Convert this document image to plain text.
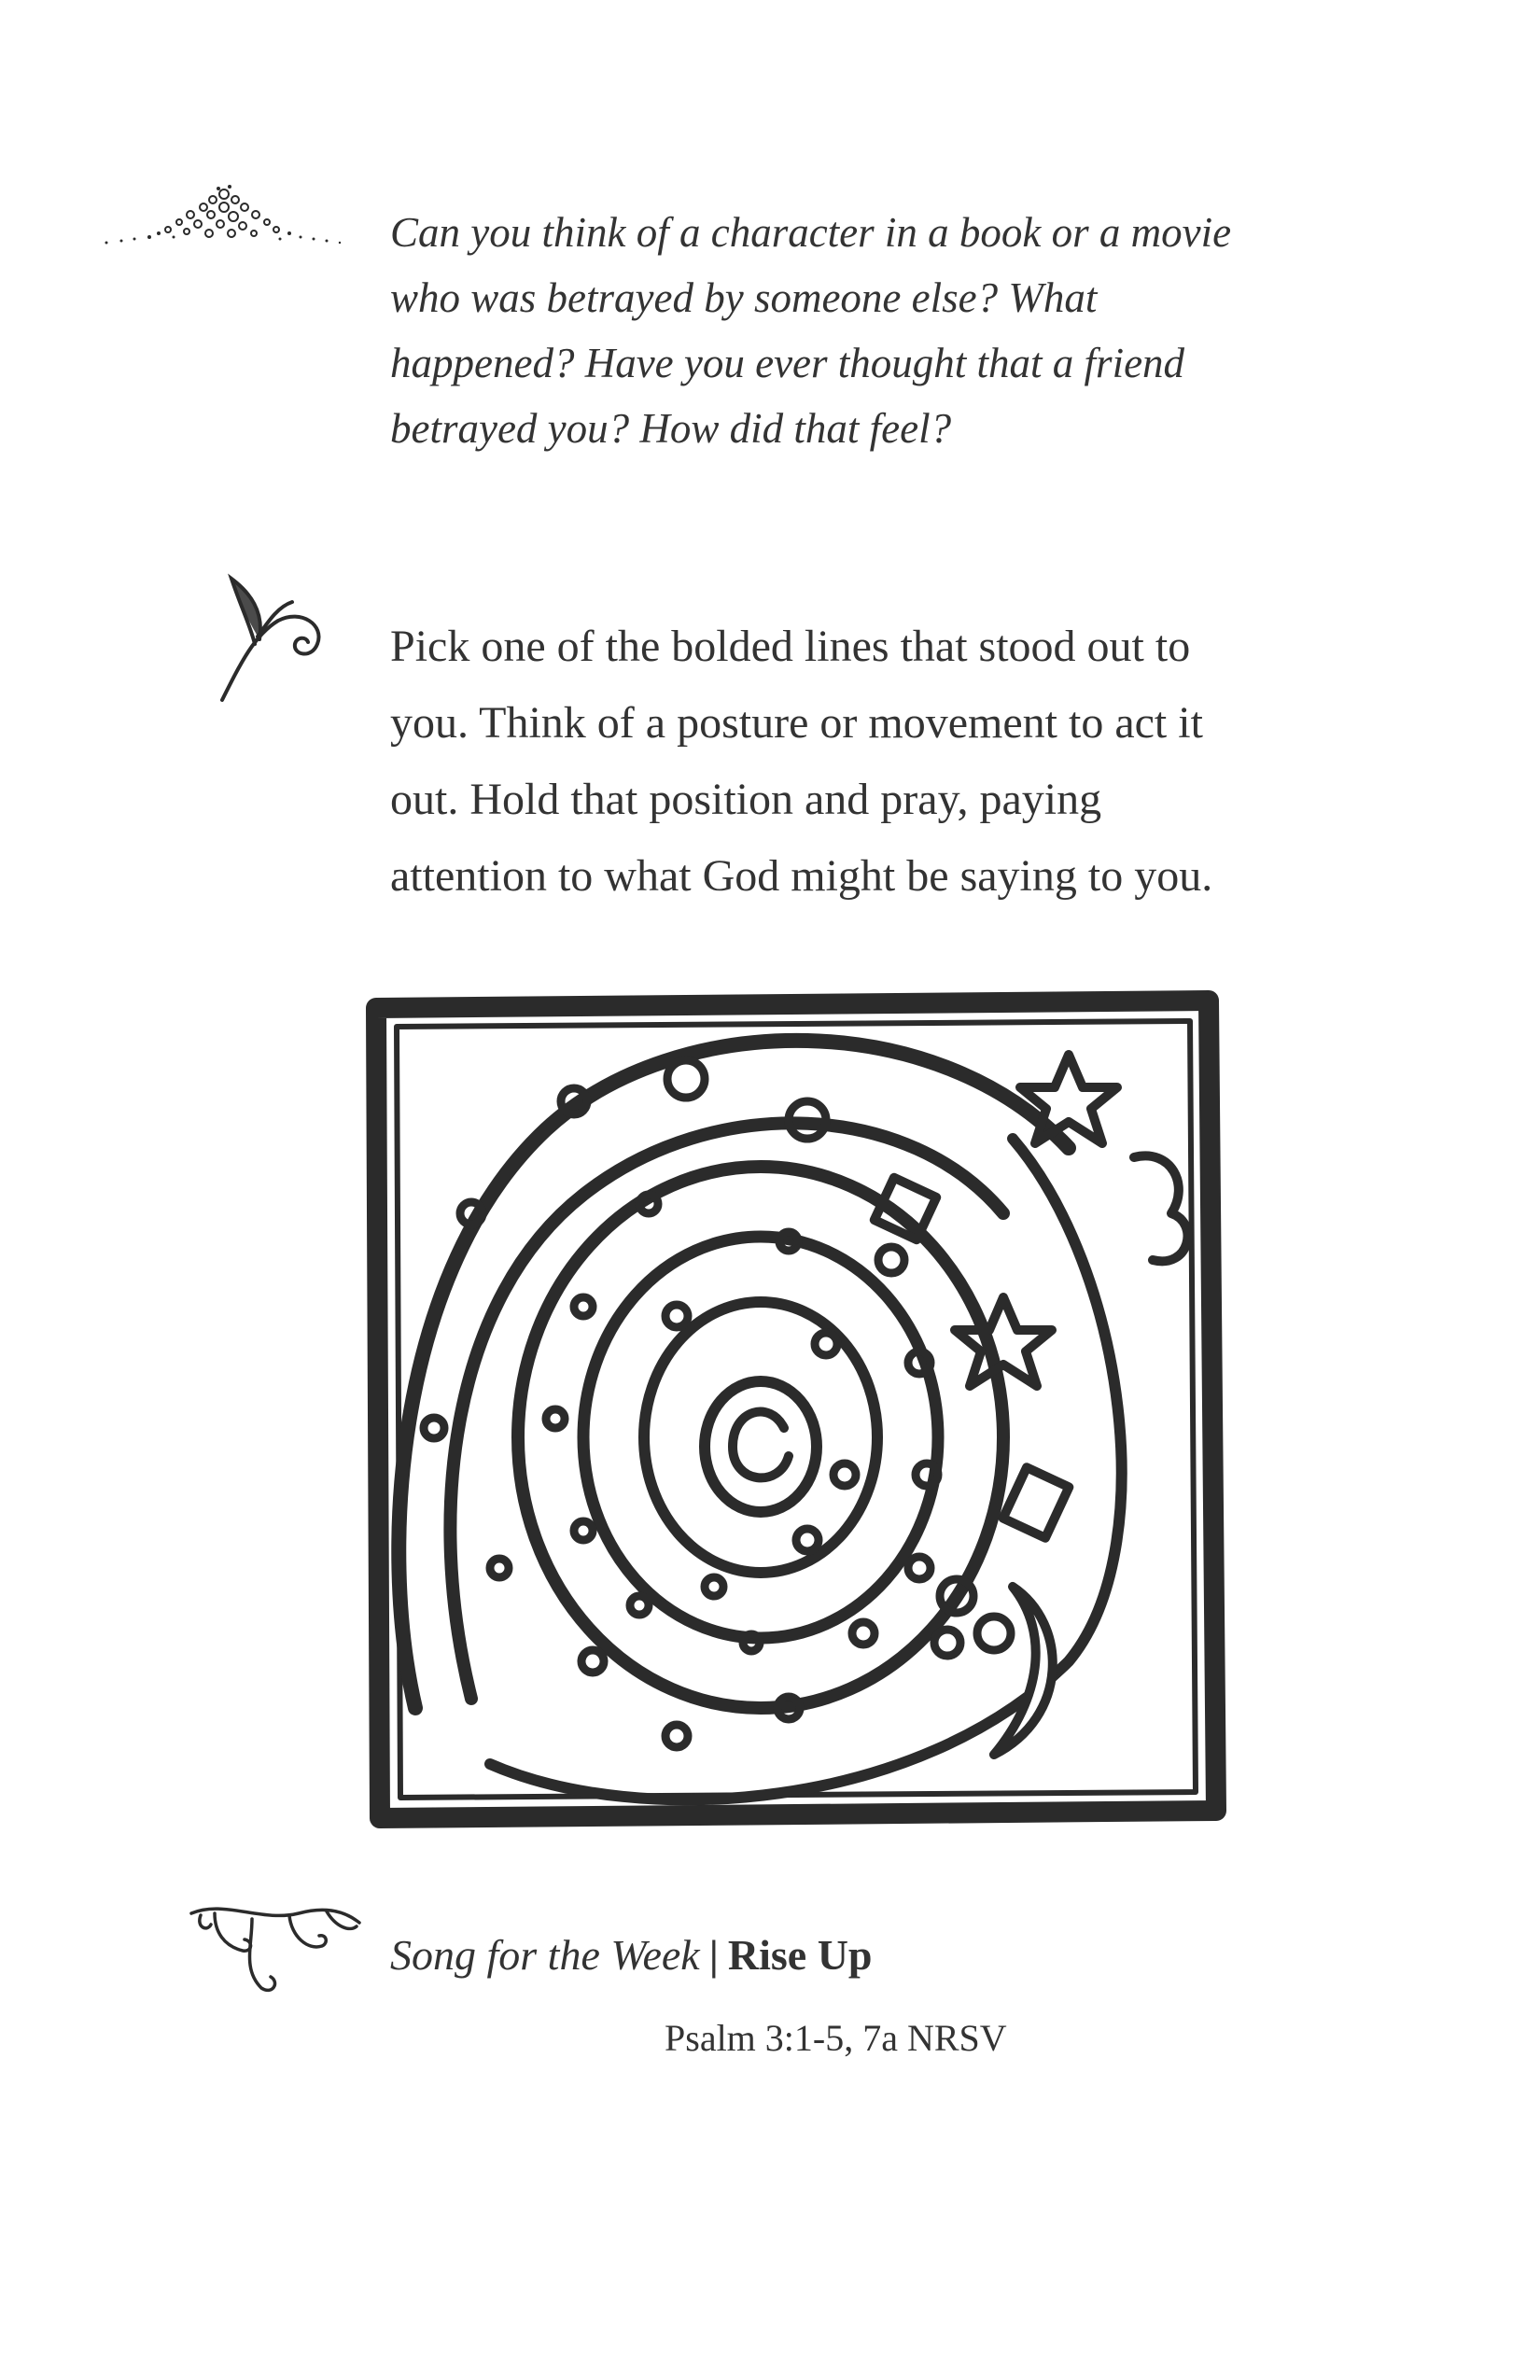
Can you think of a character in a book or a movie
who was betrayed by someone else? What
happened? Have you ever thought that a friend
betrayed you? How did that feel?
Pick one of the bolded lines that stood out to
you. Think of a posture or movement to act it
out. Hold that position and pray, paying
attention to what God might be saying to you.
Song for the Week | Rise Up
Psalm 3:1-5, 7a NRSV
